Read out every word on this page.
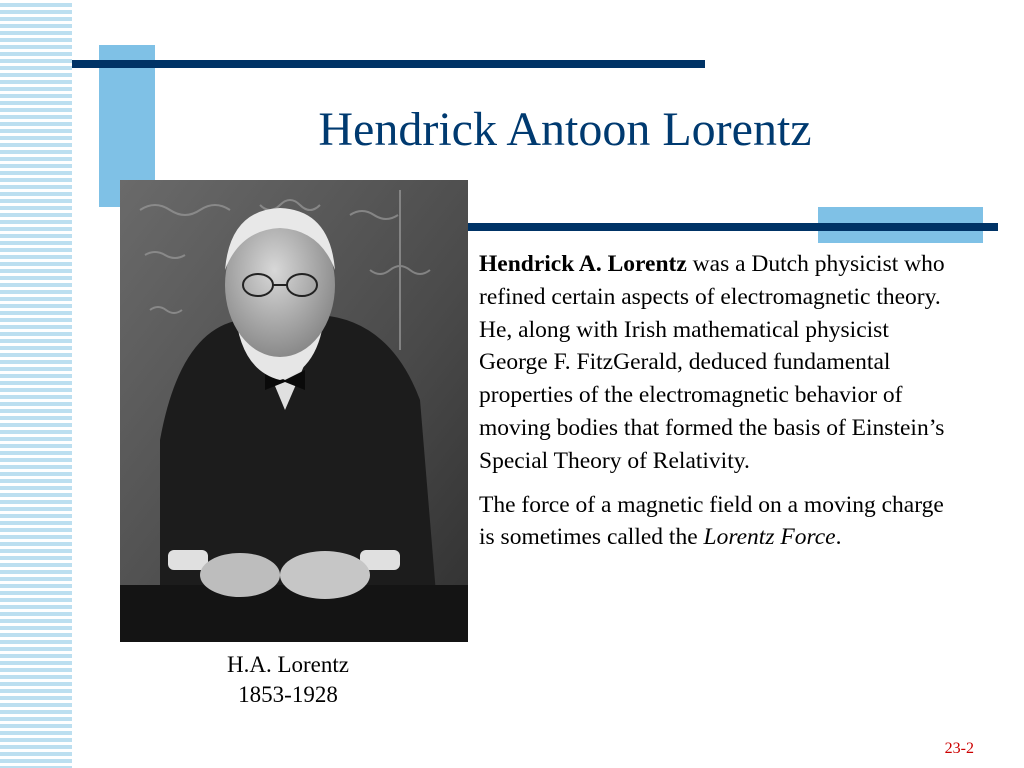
Hendrick Antoon Lorentz
H.A. Lorentz
1853-1928

Hendrick A. Lorentz was a Dutch physicist who refined certain aspects of electromagnetic theory. He, along with Irish mathematical physicist George F. FitzGerald, deduced fundamental properties of the electromagnetic behavior of moving bodies that formed the basis of Einstein’s Special Theory of Relativity.

The force of a magnetic field on a moving charge is sometimes called the Lorentz Force.

23-2
